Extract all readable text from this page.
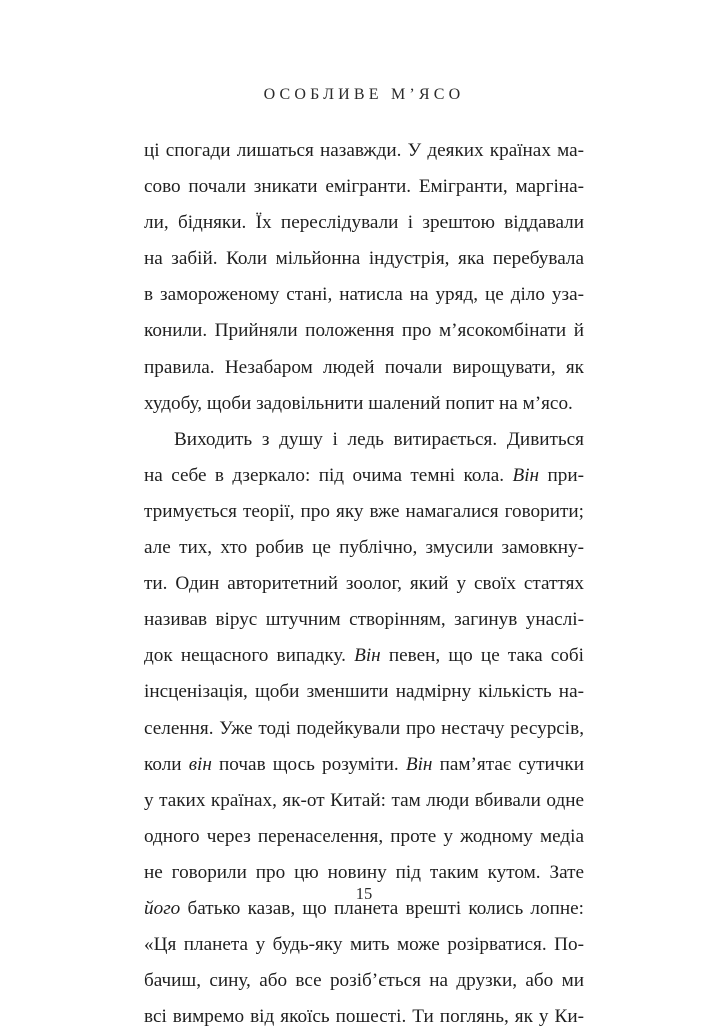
ОСОБЛИВЕ М’ЯСО
ці спогади лишаться назавжди. У деяких країнах ма-
сово почали зникати емігранти. Емігранти, маргіна-
ли, бідняки. Їх переслідували і зрештою віддавали
на забій. Коли мільйонна індустрія, яка перебувала
в замороженому стані, натисла на уряд, це діло уза-
конили. Прийняли положення про м’ясокомбінати й
правила. Незабаром людей почали вирощувати, як
худобу, щоби задовільнити шалений попит на м’ясо.
Виходить з душу і ледь витирається. Дивиться
на себе в дзеркало: під очима темні кола. Він при-
тримується теорії, про яку вже намагалися говорити;
але тих, хто робив це публічно, змусили замовкну-
ти. Один авторитетний зоолог, який у своїх статтях
називав вірус штучним створінням, загинув унаслі-
док нещасного випадку. Він певен, що це така собі
інсценізація, щоби зменшити надмірну кількість на-
селення. Уже тоді подейкували про нестачу ресурсів,
коли він почав щось розуміти. Він пам’ятає сутички
у таких країнах, як-от Китай: там люди вбивали одне
одного через перенаселення, проте у жодному медіа
не говорили про цю новину під таким кутом. Зате
його батько казав, що планета врешті колись лопне:
«Ця планета у будь-яку мить може розірватися. По-
бачиш, сину, або все розіб’ється на друзки, або ми
всі вимремо від якоїсь пошесті. Ти поглянь, як у Ки-
15
